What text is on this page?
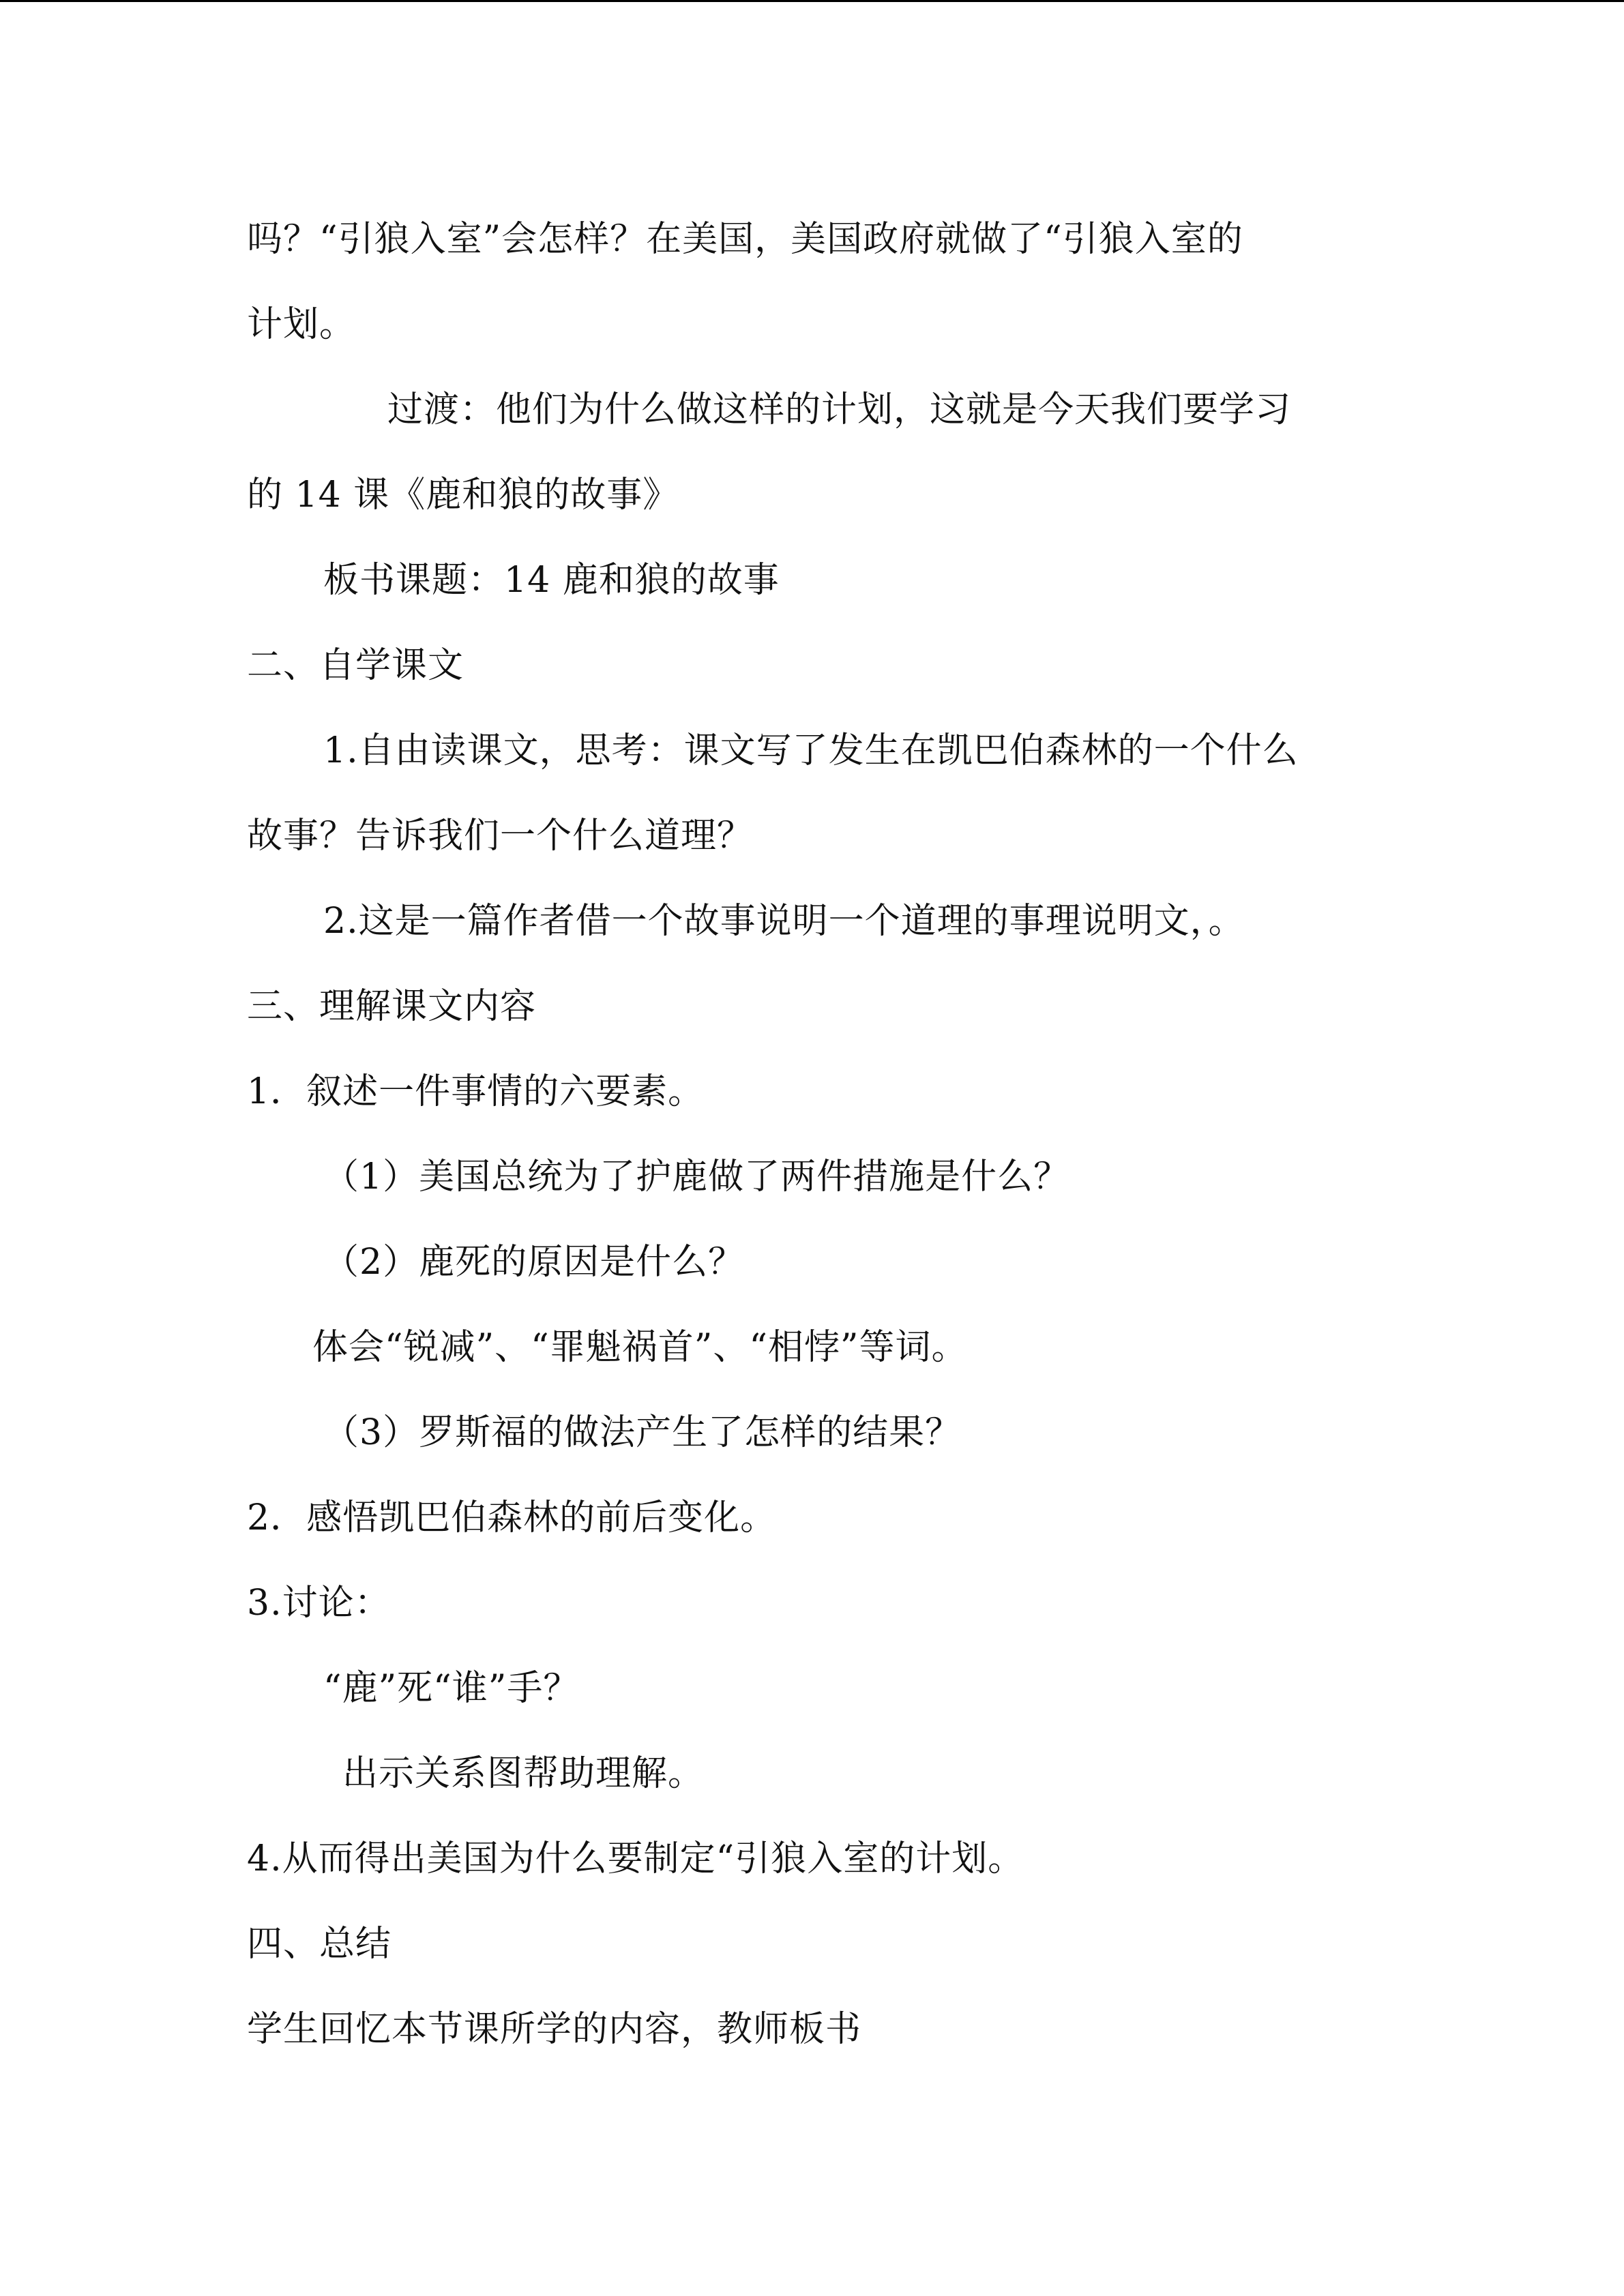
吗？“引狼入室”会怎样？在美国，美国政府就做了“引狼入室的
计划。
过渡：他们为什么做这样的计划，这就是今天我们要学习
的 14 课《鹿和狼的故事》
板书课题：14 鹿和狼的故事
二、自学课文
1.自由读课文，思考：课文写了发生在凯巴伯森林的一个什么
故事？告诉我们一个什么道理？
2.这是一篇作者借一个故事说明一个道理的事理说明文，。
三、理解课文内容
1．叙述一件事情的六要素。
（1）美国总统为了护鹿做了两件措施是什么？
（2）鹿死的原因是什么？
体会“锐减”、“罪魁祸首”、“相悖”等词。
（3）罗斯福的做法产生了怎样的结果？
2．感悟凯巴伯森林的前后变化。
3.讨论：
“鹿”死“谁”手？
出示关系图帮助理解。
4.从而得出美国为什么要制定“引狼入室的计划。
四、总结
学生回忆本节课所学的内容，教师板书
